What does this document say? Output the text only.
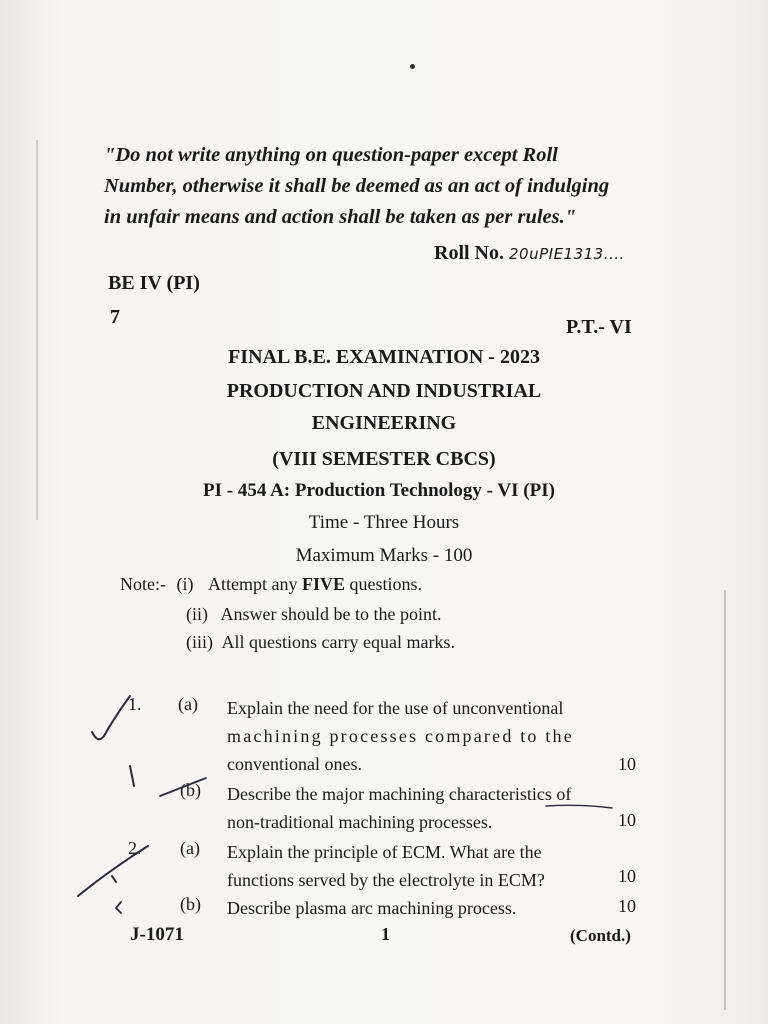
"Do not write anything on question-paper except Roll
Number, otherwise it shall be deemed as an act of indulging
in unfair means and action shall be taken as per rules."
Roll No. 20uPIE1313....
BE IV (PI)
7	P.T.- VI
FINAL B.E. EXAMINATION - 2023
PRODUCTION AND INDUSTRIAL
ENGINEERING
(VIII SEMESTER CBCS)
PI - 454 A: Production Technology - VI (PI)
Time - Three Hours
Maximum Marks - 100
Note:- (i) Attempt any FIVE questions.
(ii) Answer should be to the point.
(iii) All questions carry equal marks.
1. (a) Explain the need for the use of unconventional
machining processes compared to the
conventional ones.	10
(b) Describe the major machining characteristics of
non-traditional machining processes.	10
2. (a) Explain the principle of ECM. What are the
functions served by the electrolyte in ECM?	10
(b) Describe plasma arc machining process.	10
J-1071	1	(Contd.)
